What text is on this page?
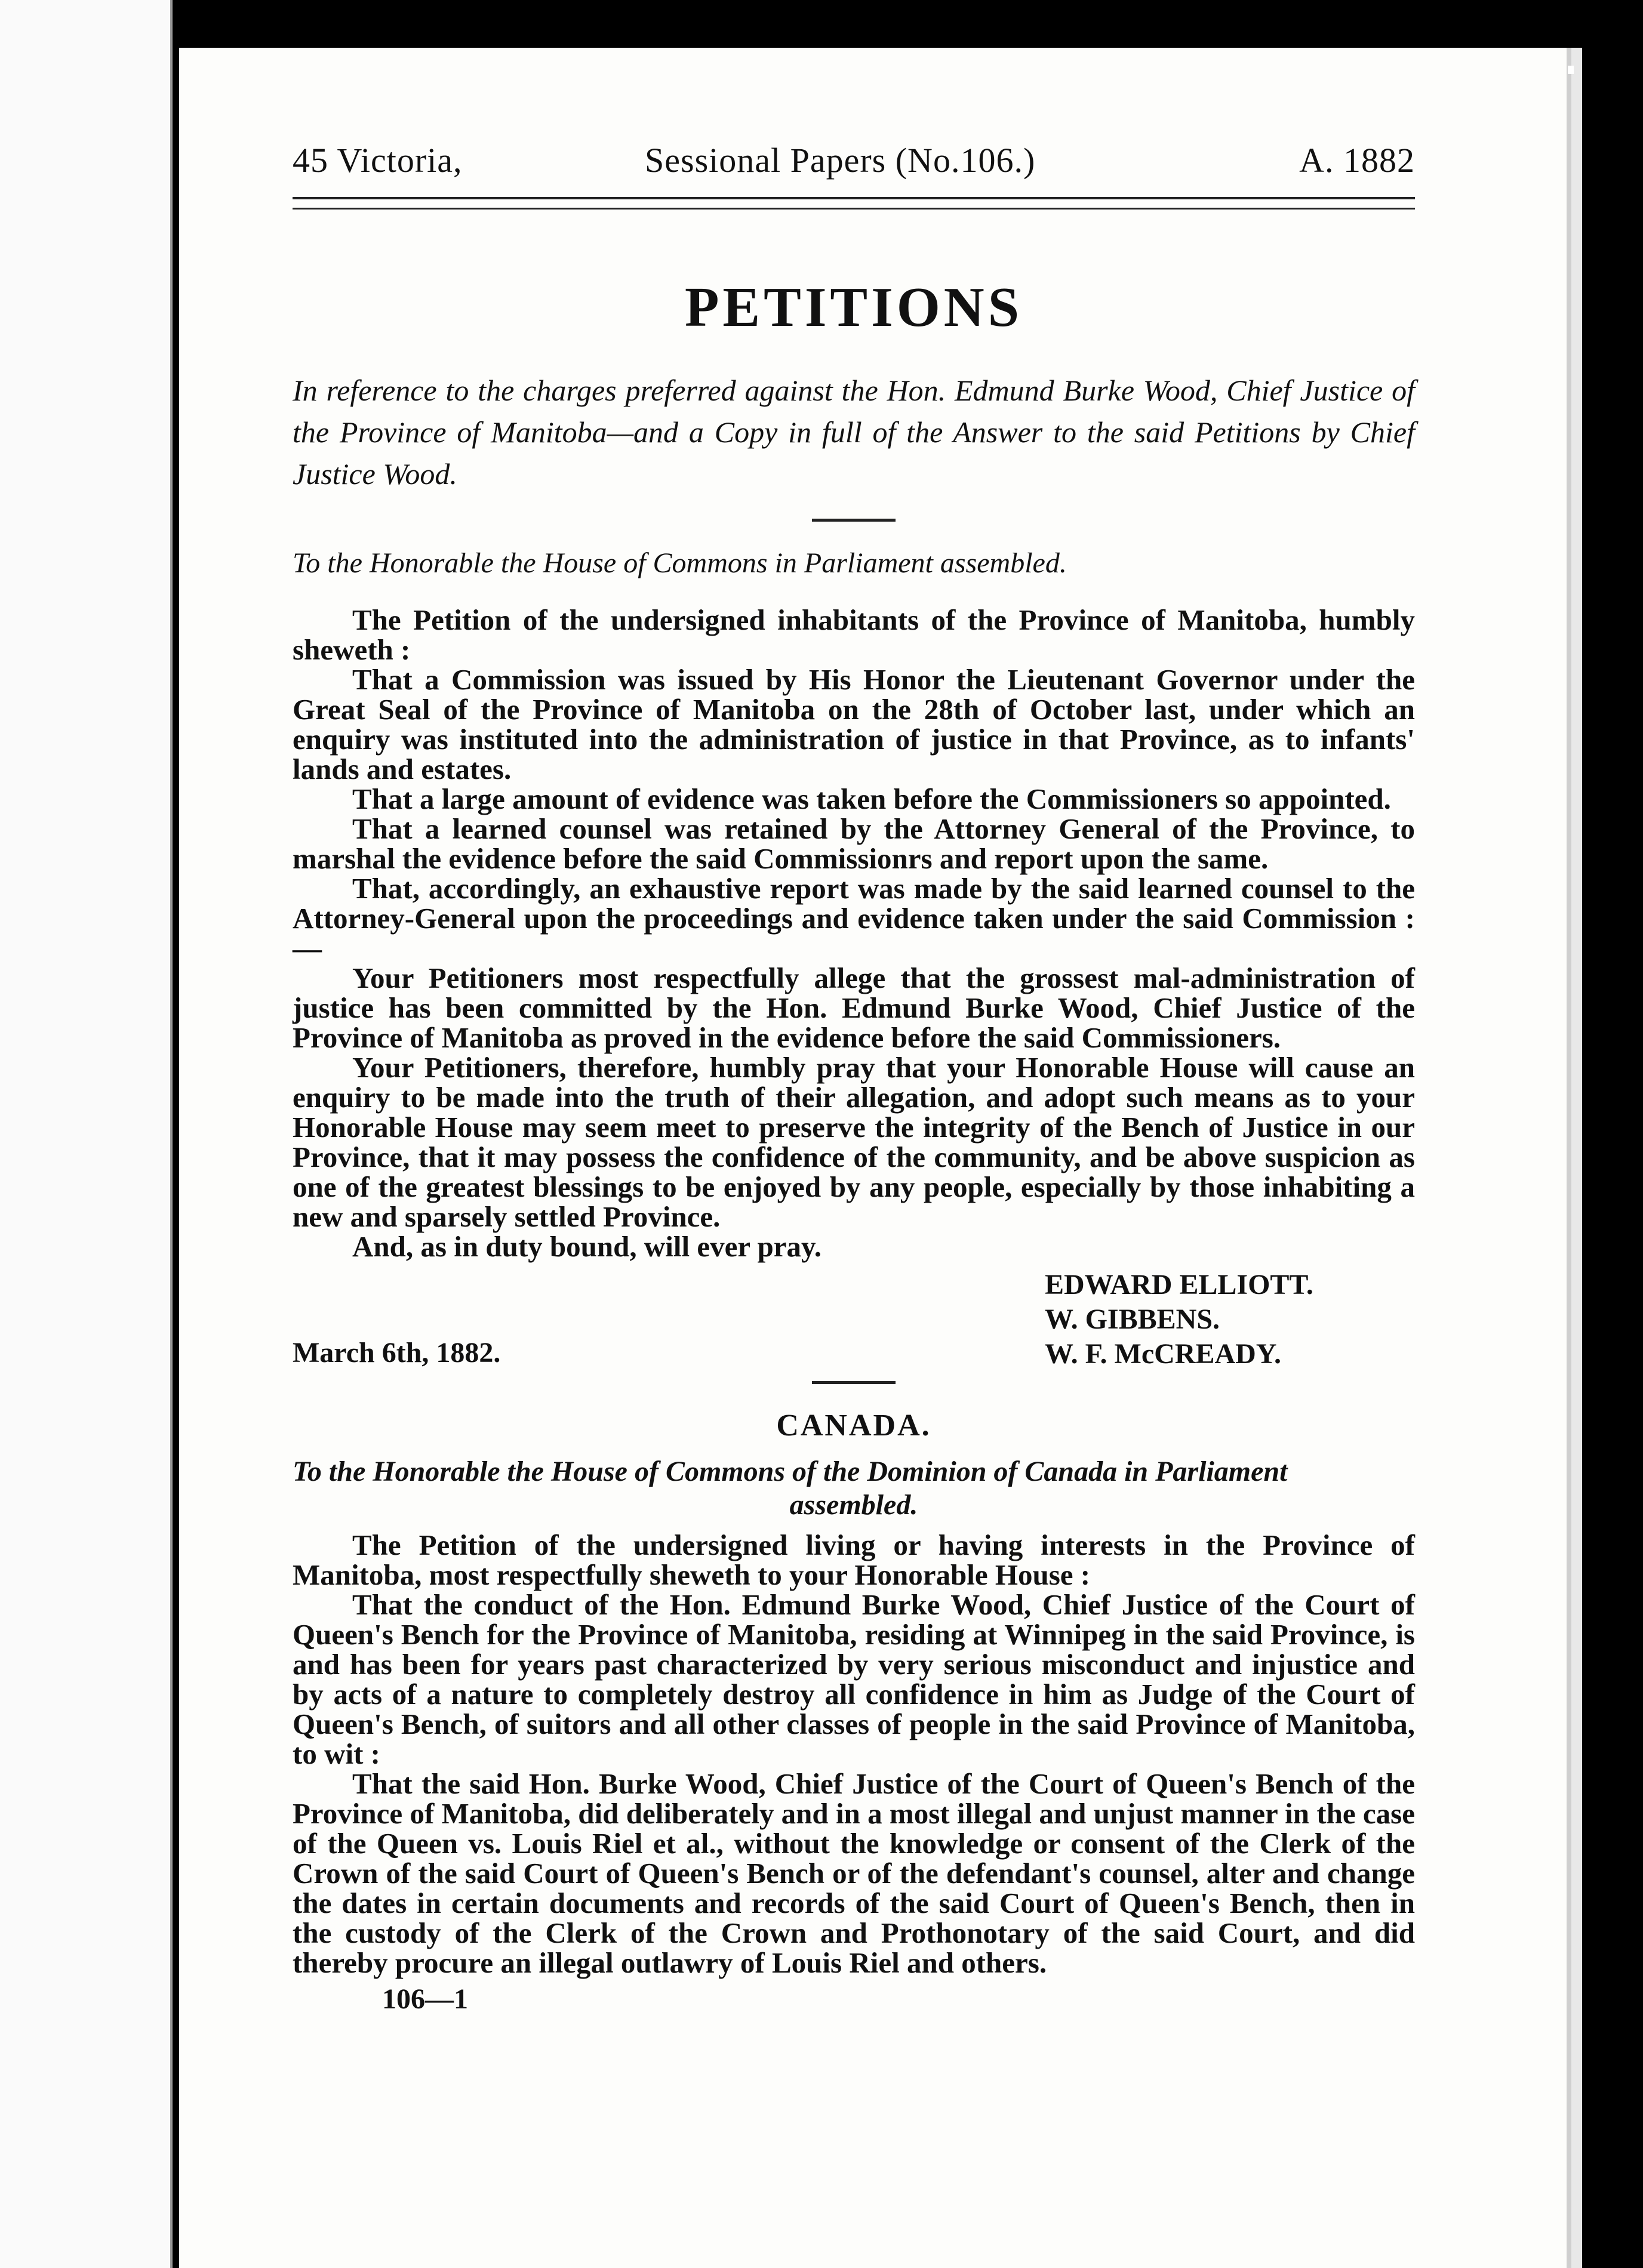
45 Victoria,	Sessional Papers (No.106.)	A. 1882
PETITIONS
In reference to the charges preferred against the Hon. Edmund Burke Wood, Chief Justice of the Province of Manitoba—and a Copy in full of the Answer to the said Petitions by Chief Justice Wood.
To the Honorable the House of Commons in Parliament assembled.

The Petition of the undersigned inhabitants of the Province of Manitoba, humbly sheweth :

That a Commission was issued by His Honor the Lieutenant Governor under the Great Seal of the Province of Manitoba on the 28th of October last, under which an enquiry was instituted into the administration of justice in that Province, as to infants' lands and estates.

That a large amount of evidence was taken before the Commissioners so appointed.

That a learned counsel was retained by the Attorney General of the Province, to marshal the evidence before the said Commissionrs and report upon the same.

That, accordingly, an exhaustive report was made by the said learned counsel to the Attorney-General upon the proceedings and evidence taken under the said Commission :—

Your Petitioners most respectfully allege that the grossest mal-administration of justice has been committed by the Hon. Edmund Burke Wood, Chief Justice of the Province of Manitoba as proved in the evidence before the said Commissioners.

Your Petitioners, therefore, humbly pray that your Honorable House will cause an enquiry to be made into the truth of their allegation, and adopt such means as to your Honorable House may seem meet to preserve the integrity of the Bench of Justice in our Province, that it may possess the confidence of the community, and be above suspicion as one of the greatest blessings to be enjoyed by any people, especially by those inhabiting a new and sparsely settled Province.

And, as in duty bound, will ever pray.

EDWARD ELLIOTT.
W. GIBBENS.
W. F. McCREADY.
March 6th, 1882.
CANADA.
To the Honorable the House of Commons of the Dominion of Canada in Parliament
assembled.

The Petition of the undersigned living or having interests in the Province of Manitoba, most respectfully sheweth to your Honorable House :

That the conduct of the Hon. Edmund Burke Wood, Chief Justice of the Court of Queen's Bench for the Province of Manitoba, residing at Winnipeg in the said Province, is and has been for years past characterized by very serious misconduct and injustice and by acts of a nature to completely destroy all confidence in him as Judge of the Court of Queen's Bench, of suitors and all other classes of people in the said Province of Manitoba, to wit :

That the said Hon. Burke Wood, Chief Justice of the Court of Queen's Bench of the Province of Manitoba, did deliberately and in a most illegal and unjust manner in the case of the Queen vs. Louis Riel et al., without the knowledge or consent of the Clerk of the Crown of the said Court of Queen's Bench or of the defendant's counsel, alter and change the dates in certain documents and records of the said Court of Queen's Bench, then in the custody of the Clerk of the Crown and Prothonotary of the said Court, and did thereby procure an illegal outlawry of Louis Riel and others.

106—1
